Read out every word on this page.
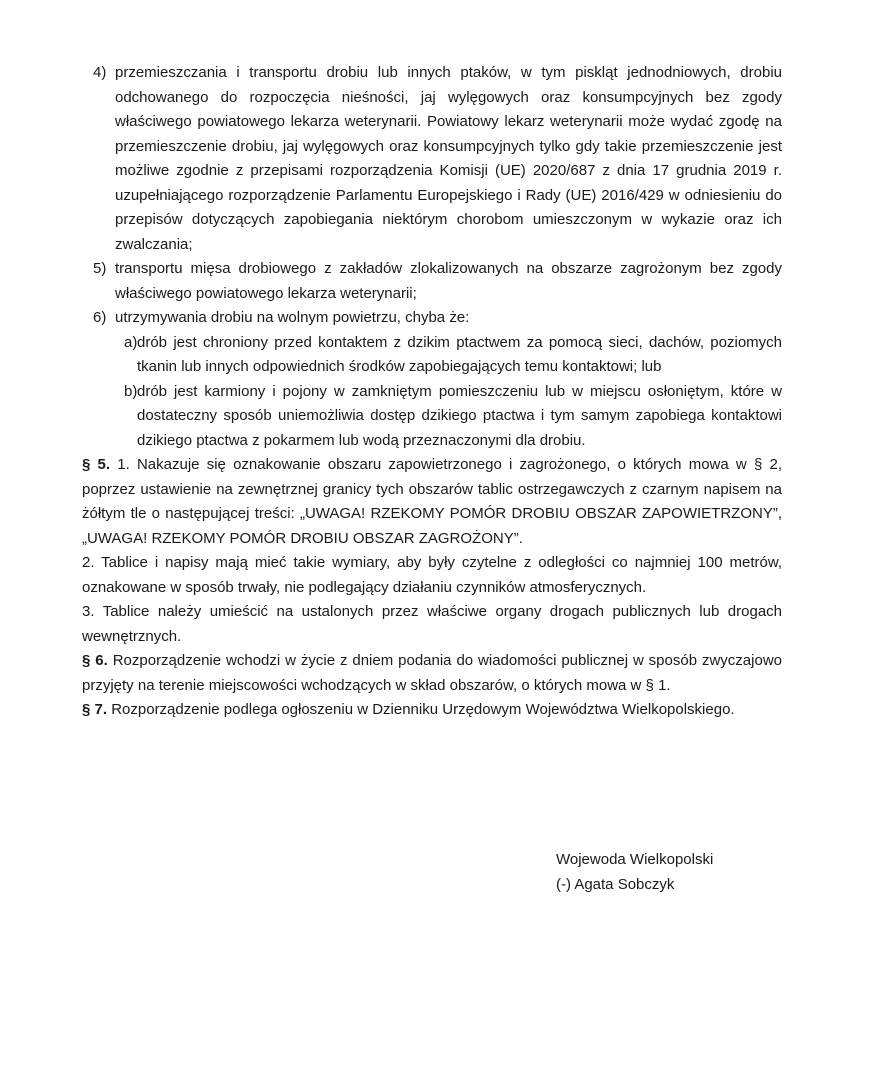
4) przemieszczania i transportu drobiu lub innych ptaków, w tym piskląt jednodniowych, drobiu odchowanego do rozpoczęcia nieśności, jaj wylęgowych oraz konsumpcyjnych bez zgody właściwego powiatowego lekarza weterynarii. Powiatowy lekarz weterynarii może wydać zgodę na przemieszczenie drobiu, jaj wylęgowych oraz konsumpcyjnych tylko gdy takie przemieszczenie jest możliwe zgodnie z przepisami rozporządzenia Komisji (UE) 2020/687 z dnia 17 grudnia 2019 r. uzupełniającego rozporządzenie Parlamentu Europejskiego i Rady (UE) 2016/429 w odniesieniu do przepisów dotyczących zapobiegania niektórym chorobom umieszczonym w wykazie oraz ich zwalczania;
5) transportu mięsa drobiowego z zakładów zlokalizowanych na obszarze zagrożonym bez zgody właściwego powiatowego lekarza weterynarii;
6) utrzymywania drobiu na wolnym powietrzu, chyba że:
a) drób jest chroniony przed kontaktem z dzikim ptactwem za pomocą sieci, dachów, poziomych tkanin lub innych odpowiednich środków zapobiegających temu kontaktowi; lub
b) drób jest karmiony i pojony w zamkniętym pomieszczeniu lub w miejscu osłoniętym, które w dostateczny sposób uniemożliwia dostęp dzikiego ptactwa i tym samym zapobiega kontaktowi dzikiego ptactwa z pokarmem lub wodą przeznaczonymi dla drobiu.

§ 5. 1. Nakazuje się oznakowanie obszaru zapowietrzonego i zagrożonego, o których mowa w § 2, poprzez ustawienie na zewnętrznej granicy tych obszarów tablic ostrzegawczych z czarnym napisem na żółtym tle o następującej treści: „UWAGA! RZEKOMY POMÓR DROBIU OBSZAR ZAPOWIETRZONY”, „UWAGA! RZEKOMY POMÓR DROBIU OBSZAR ZAGROŻONY”.

2. Tablice i napisy mają mieć takie wymiary, aby były czytelne z odległości co najmniej 100 metrów, oznakowane w sposób trwały, nie podlegający działaniu czynników atmosferycznych.

3. Tablice należy umieścić na ustalonych przez właściwe organy drogach publicznych lub drogach wewnętrznych.

§ 6. Rozporządzenie wchodzi w życie z dniem podania do wiadomości publicznej w sposób zwyczajowo przyjęty na terenie miejscowości wchodzących w skład obszarów, o których mowa w § 1.

§ 7. Rozporządzenie podlega ogłoszeniu w Dzienniku Urzędowym Województwa Wielkopolskiego.

Wojewoda Wielkopolski
(-) Agata Sobczyk
